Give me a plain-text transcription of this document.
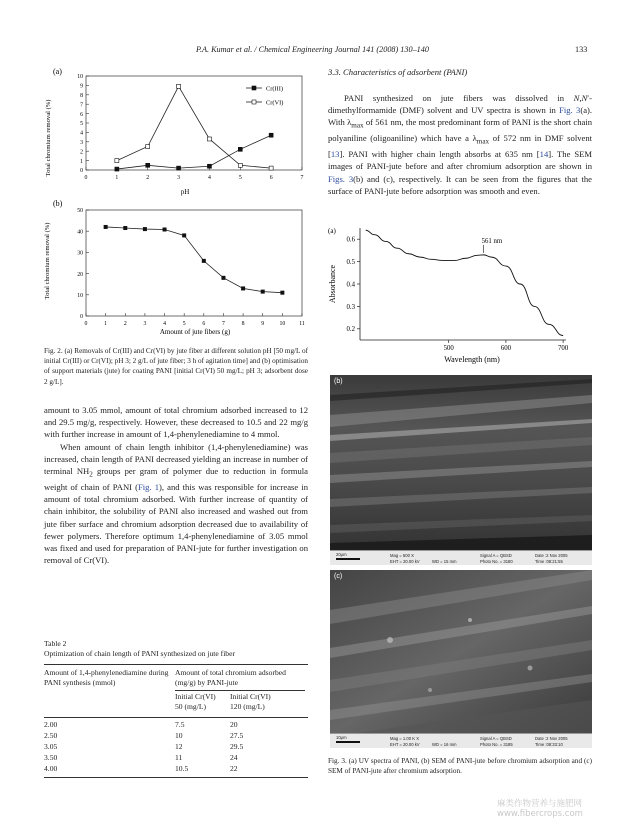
P.A. Kumar et al. / Chemical Engineering Journal 141 (2008) 130–140	133
(a)
0	1	2	3	4	5	6	7
0
1
2
3
4
5
6
7
8
9
10
Total chromium removal (%)
pH
Cr(III)
Cr(VI)
(b)
0	1	2	3	4	5	6	7	8	9	10 11
0
10
20
30
40
50
Total chromium removal (%)
Amount of jute fibers (g)
Fig. 2. (a) Removals of Cr(III) and Cr(VI) by jute fiber at different solution pH [50 mg/L of initial Cr(III) or Cr(VI); pH 3; 2 g/L of jute fiber; 3 h of agitation time] and (b) optimisation of support materials (jute) for coating PANI [initial Cr(VI) 50 mg/L; pH 3; adsorbent dose 2 g/L].

amount to 3.05 mmol, amount of total chromium adsorbed increased to 12 and 29.5 mg/g, respectively. However, these decreased to 10.5 and 22 mg/g with further increase in amount of 1,4-phenylenediamine to 4 mmol.

When amount of chain length inhibitor (1,4-phenylenediamine) was increased, chain length of PANI decreased yielding an increase in number of terminal $NH_2$ groups per gram of polymer due to reduction in formula weight of chain of PANI (Fig. 1), and this was responsible for increase in amount of total chromium adsorbed. With further increase of quantity of chain inhibitor, the solubility of PANI also increased and washed out from jute fiber surface and chromium adsorption decreased due to availability of fewer polymers. Therefore optimum 1,4-phenylenediamine of 3.05 mmol was fixed and used for preparation of PANI-jute for further investigation on removal of Cr(VI).

Table 2
Optimization of chain length of PANI synthesized on jute fiber
Amount of 1,4-phenylenediamine during PANI synthesis (mmol)
Amount of total chromium adsorbed (mg/g) by PANI-jute
Initial Cr(VI)
50 (mg/L)
Initial Cr(VI)
120 (mg/L)
2.00	7.5	20
2.50	10	27.5
3.05	12	29.5
3.50	11	24
4.00	10.5	22
3.3. Characteristics of adsorbent (PANI)
PANI synthesized on jute fibers was dissolved in N,N′-dimethylformamide (DMF) solvent and UV spectra is shown in Fig. 3(a). With $\lambda_{max}$ of 561 nm, the most predominant form of PANI is the short chain polyaniline (oligoaniline) which have a $\lambda_{max}$ of 572 nm in DMF solvent [13]. PANI with higher chain length absorbs at 635 nm [14]. The SEM images of PANI-jute before and after chromium adsorption are shown in Figs. 3(b) and (c), respectively. It can be seen from the figures that the surface of PANI-jute before adsorption was smooth and even.
(a)
500	600	700
0.2
0.3
0.4
0.5
0.6
Absorbance
Wavelength (nm)
561 nm
(b)
20μm	Mag = 500 X
EHT = 20.00 kV	WD = 15 mm
Signal A = QBSD
Photo No. = 3180
Date :2 Nov 2005
Time :08:21:55
(c)
10μm	Mag = 1.00 K X
EHT = 20.00 kV	WD = 16 mm
Signal A = QBSD
Photo No. = 3185
Date :2 Nov 2005
Time :08:33:10
Fig. 3. (a) UV spectra of PANI, (b) SEM of PANI-jute before chromium adsorption and (c) SEM of PANI-jute after chromium adsorption.
麻类作物营养与施肥网
www.fibercrops.com
